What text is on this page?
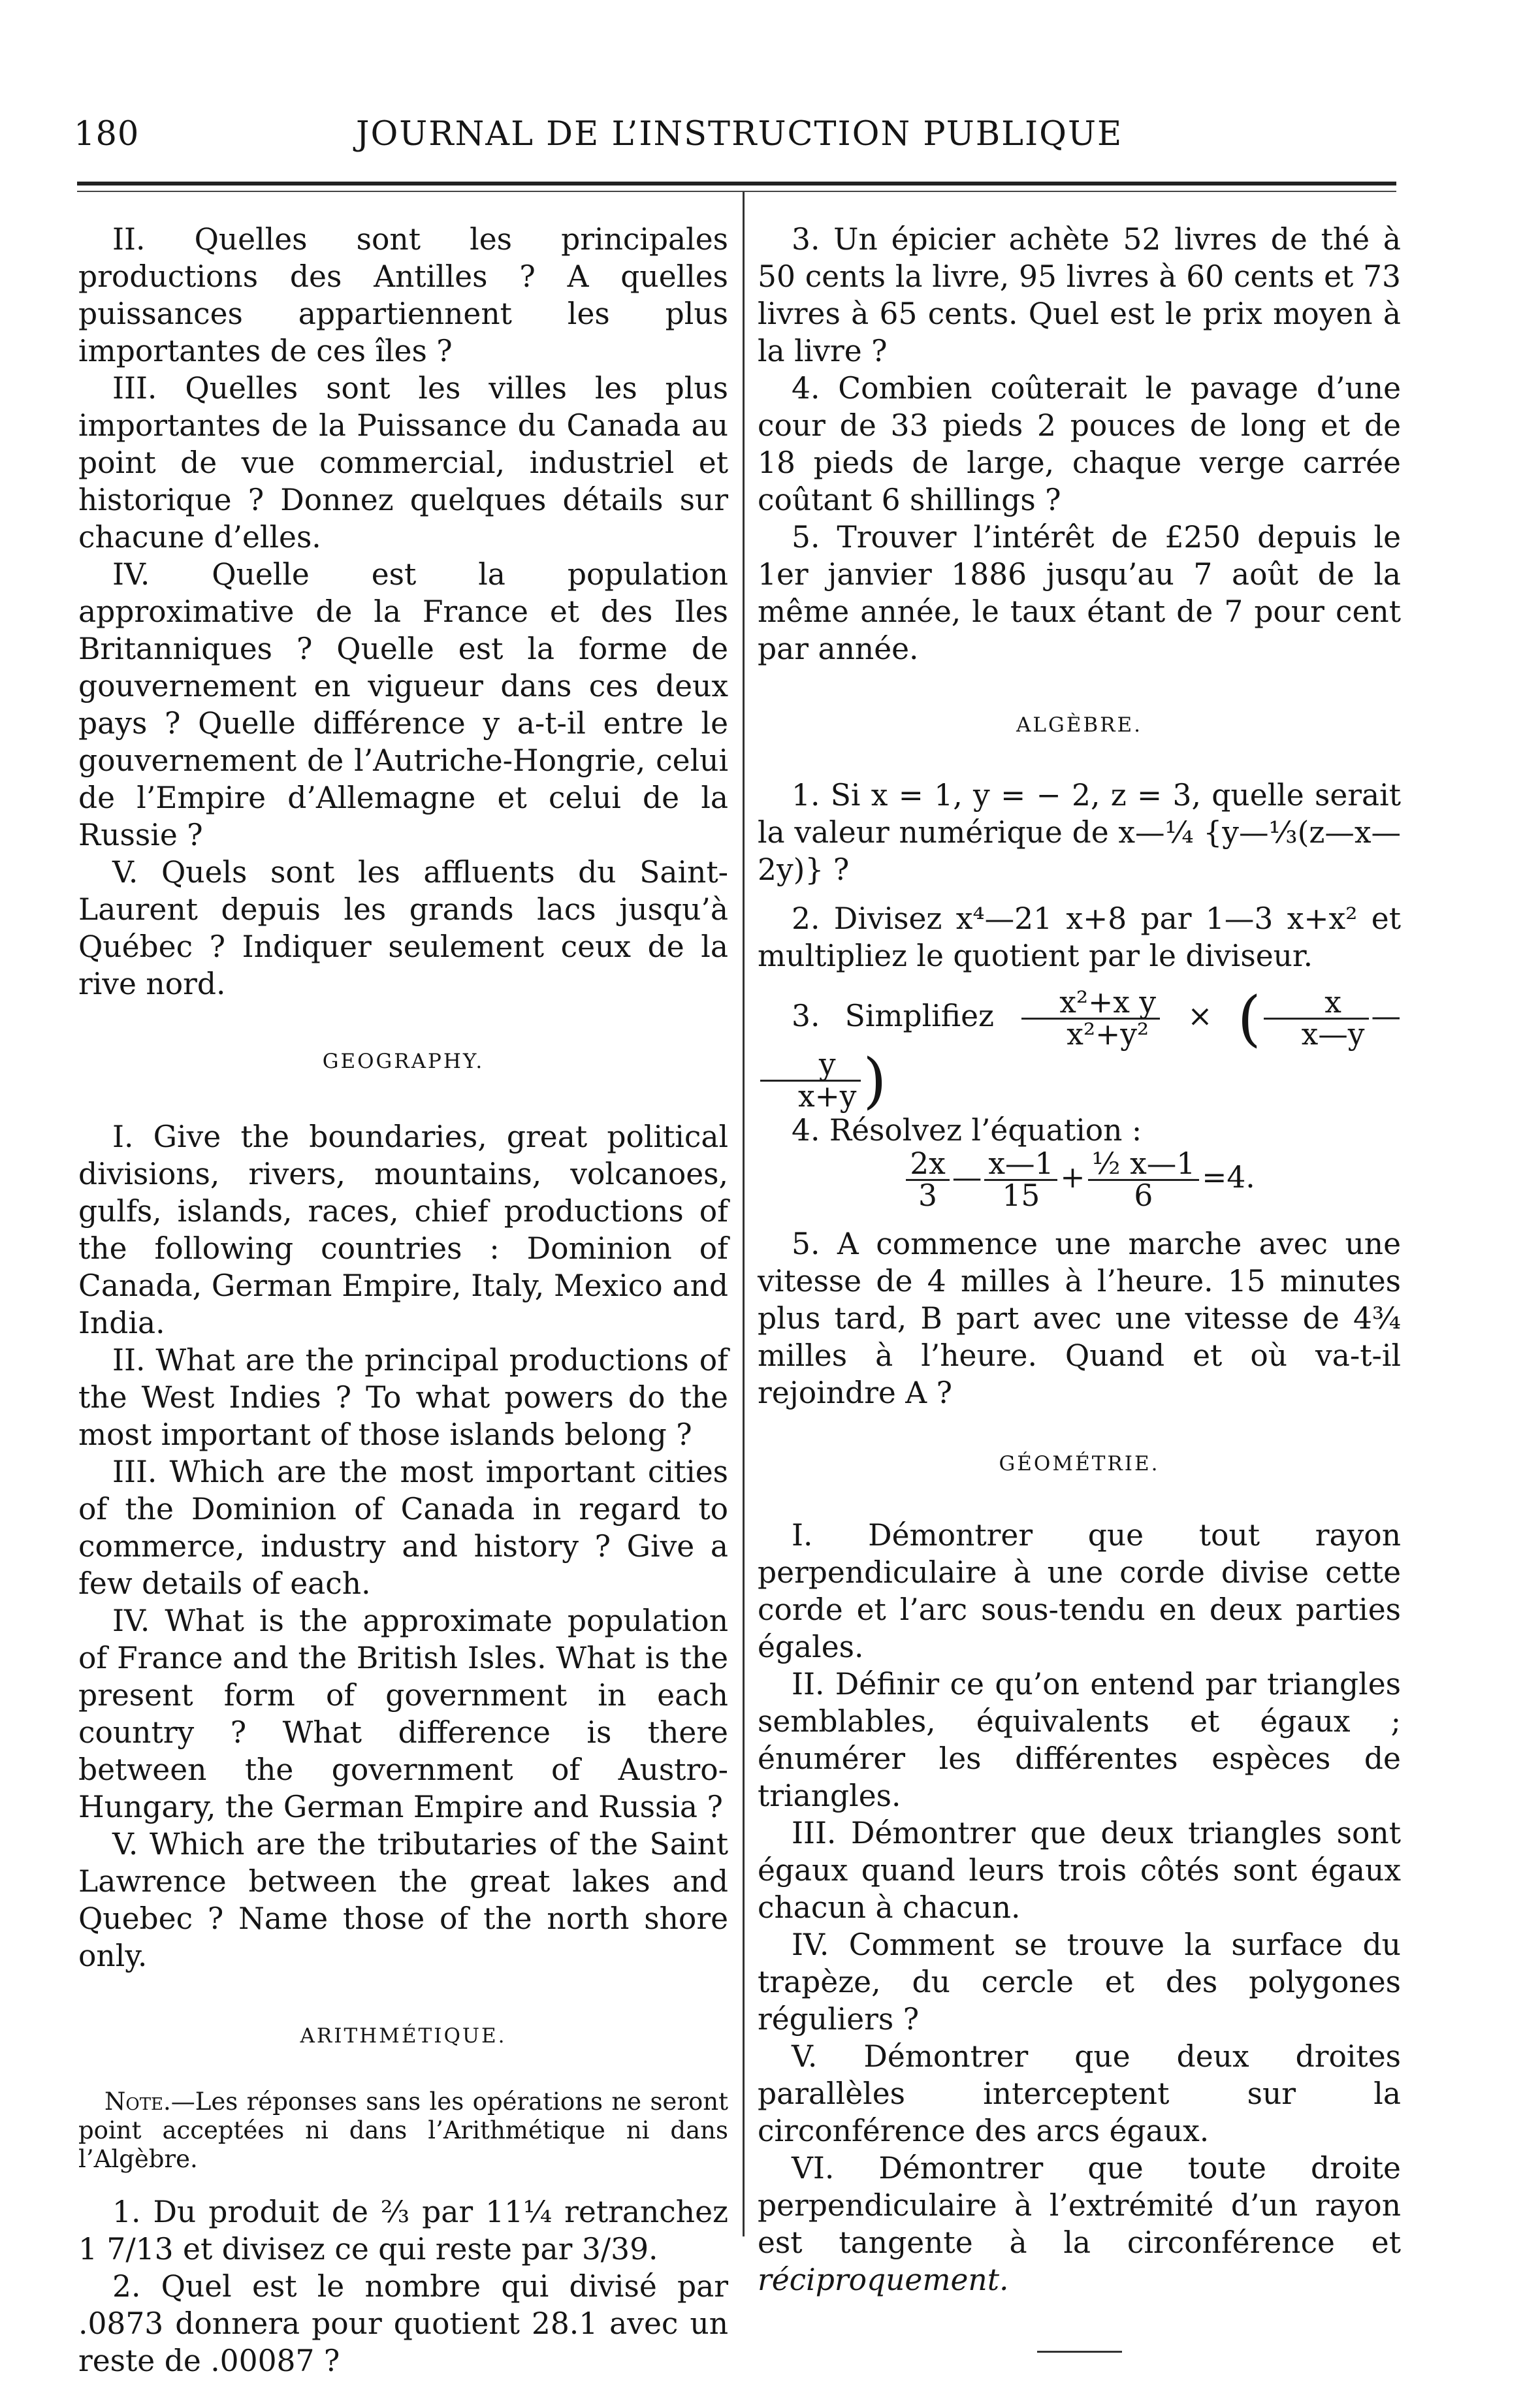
180	JOURNAL DE L’INSTRUCTION PUBLIQUE

II. Quelles sont les principales productions des Antilles ? A quelles puissances appartiennent les plus importantes de ces îles ?

III. Quelles sont les villes les plus importantes de la Puissance du Canada au point de vue commercial, industriel et historique ? Donnez quelques détails sur chacune d’elles.

IV. Quelle est la population approximative de la France et des Iles Britanniques ? Quelle est la forme de gouvernement en vigueur dans ces deux pays ? Quelle différence y a-t-il entre le gouvernement de l’Autriche-Hongrie, celui de l’Empire d’Allemagne et celui de la Russie ?

V. Quels sont les affluents du Saint-Laurent depuis les grands lacs jusqu’à Québec ? Indiquer seulement ceux de la rive nord.

GEOGRAPHY.

I. Give the boundaries, great political divisions, rivers, mountains, volcanoes, gulfs, islands, races, chief productions of the following countries : Dominion of Canada, German Empire, Italy, Mexico and India.

II. What are the principal productions of the West Indies ? To what powers do the most important of those islands belong ?

III. Which are the most important cities of the Dominion of Canada in regard to commerce, industry and history ? Give a few details of each.

IV. What is the approximate population of France and the British Isles. What is the present form of government in each country ? What difference is there between the government of Austro-Hungary, the German Empire and Russia ?

V. Which are the tributaries of the Saint Lawrence between the great lakes and Quebec ? Name those of the north shore only.

ARITHMÉTIQUE.

Note.—Les réponses sans les opérations ne seront point acceptées ni dans l’Arithmétique ni dans l’Algèbre.

1. Du produit de ⅔ par 11¼ retranchez 1 7/13 et divisez ce qui reste par 3/39.

2. Quel est le nombre qui divisé par .0873 donnera pour quotient 28.1 avec un reste de .00087 ?

3. Un épicier achète 52 livres de thé à 50 cents la livre, 95 livres à 60 cents et 73 livres à 65 cents. Quel est le prix moyen à la livre ?

4. Combien coûterait le pavage d’une cour de 33 pieds 2 pouces de long et de 18 pieds de large, chaque verge carrée coûtant 6 shillings ?

5. Trouver l’intérêt de £250 depuis le 1er janvier 1886 jusqu’au 7 août de la même année, le taux étant de 7 pour cent par année.

ALGÈBRE.

1. Si x = 1, y = − 2, z = 3, quelle serait la valeur numérique de x—¼ {y—⅓(z—x—2y)} ?

2. Divisez x⁴—21 x+8 par 1—3 x+x² et multipliez le quotient par le diviseur.

3. Simplifiez $\frac{\text{x²+x y}}{\text{x²+y²}}$ × ( $\frac{x}{x—y}$ —
$\frac{y}{x+y}$ )

4. Résolvez l’équation :

$\frac{2x}{3}$ — $\frac{x—1}{15} + \frac{\text{½ x—1}}{6} =4$.

5. A commence une marche avec une vitesse de 4 milles à l’heure. 15 minutes plus tard, B part avec une vitesse de 4¾ milles à l’heure. Quand et où va-t-il rejoindre A ?

GÉOMÉTRIE.

I. Démontrer que tout rayon perpendiculaire à une corde divise cette corde et l’arc sous-tendu en deux parties égales.

II. Définir ce qu’on entend par triangles semblables, équivalents et égaux ; énumérer les différentes espèces de triangles.

III. Démontrer que deux triangles sont égaux quand leurs trois côtés sont égaux chacun à chacun.

IV. Comment se trouve la surface du trapèze, du cercle et des polygones réguliers ?

V. Démontrer que deux droites parallèles interceptent sur la circonférence des arcs égaux.

VI. Démontrer que toute droite perpendiculaire à l’extrémité d’un rayon est tangente à la circonférence et réciproquement.
